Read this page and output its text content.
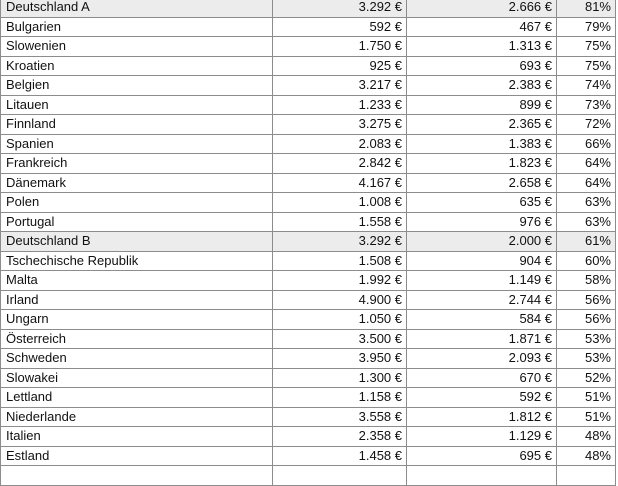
Deutschland A	3.292 €	2.666 €	81%
Bulgarien	592 €	467 €	79%
Slowenien	1.750 €	1.313 €	75%
Kroatien	925 €	693 €	75%
Belgien	3.217 €	2.383 €	74%
Litauen	1.233 €	899 €	73%
Finnland	3.275 €	2.365 €	72%
Spanien	2.083 €	1.383 €	66%
Frankreich	2.842 €	1.823 €	64%
Dänemark	4.167 €	2.658 €	64%
Polen	1.008 €	635 €	63%
Portugal	1.558 €	976 €	63%
Deutschland B	3.292 €	2.000 €	61%
Tschechische Republik	1.508 €	904 €	60%
Malta	1.992 €	1.149 €	58%
Irland	4.900 €	2.744 €	56%
Ungarn	1.050 €	584 €	56%
Österreich	3.500 €	1.871 €	53%
Schweden	3.950 €	2.093 €	53%
Slowakei	1.300 €	670 €	52%
Lettland	1.158 €	592 €	51%
Niederlande	3.558 €	1.812 €	51%
Italien	2.358 €	1.129 €	48%
Estland	1.458 €	695 €	48%
